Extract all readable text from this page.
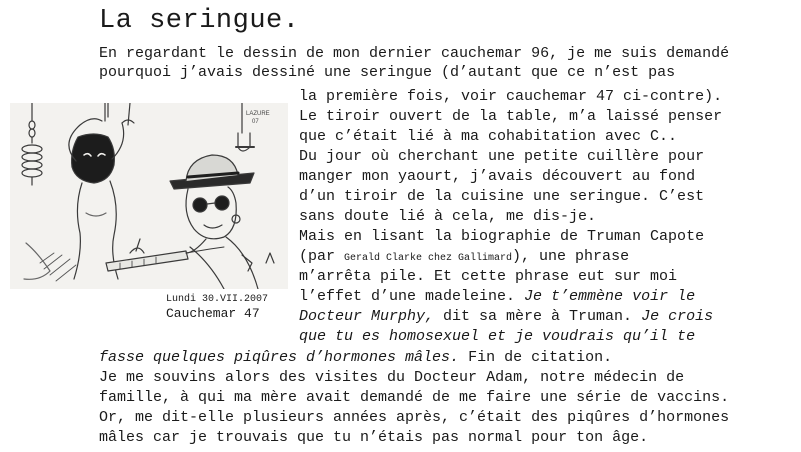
La seringue.
En regardant le dessin de mon dernier cauchemar 96, je me suis demandé
pourquoi j’avais dessiné une seringue (d’autant que ce n’est pas
la première fois, voir cauchemar 47 ci-contre).
Le tiroir ouvert de la table, m’a laissé penser
que c’était lié à ma cohabitation avec C..
Du jour où cherchant une petite cuillère pour
manger mon yaourt, j’avais découvert au fond
d’un tiroir de la cuisine une seringue. C’est
sans doute lié à cela, me dis-je.
Mais en lisant la biographie de Truman Capote
(par Gerald Clarke chez Gallimard), une phrase
m’arrêta pile. Et cette phrase eut sur moi
l’effet d’une madeleine. Je t’emmène voir le
Docteur Murphy, dit sa mère à Truman. Je crois
que tu es homosexuel et je voudrais qu’il te
fasse quelques piqûres d’hormones mâles. Fin de citation.
Je me souvins alors des visites du Docteur Adam, notre médecin de
famille, à qui ma mère avait demandé de me faire une série de vaccins.
Or, me dit-elle plusieurs années après, c’était des piqûres d’hormones
mâles car je trouvais que tu n’étais pas normal pour ton âge.
LAZURE
07
Lundi 30.VII.2007
Cauchemar 47
